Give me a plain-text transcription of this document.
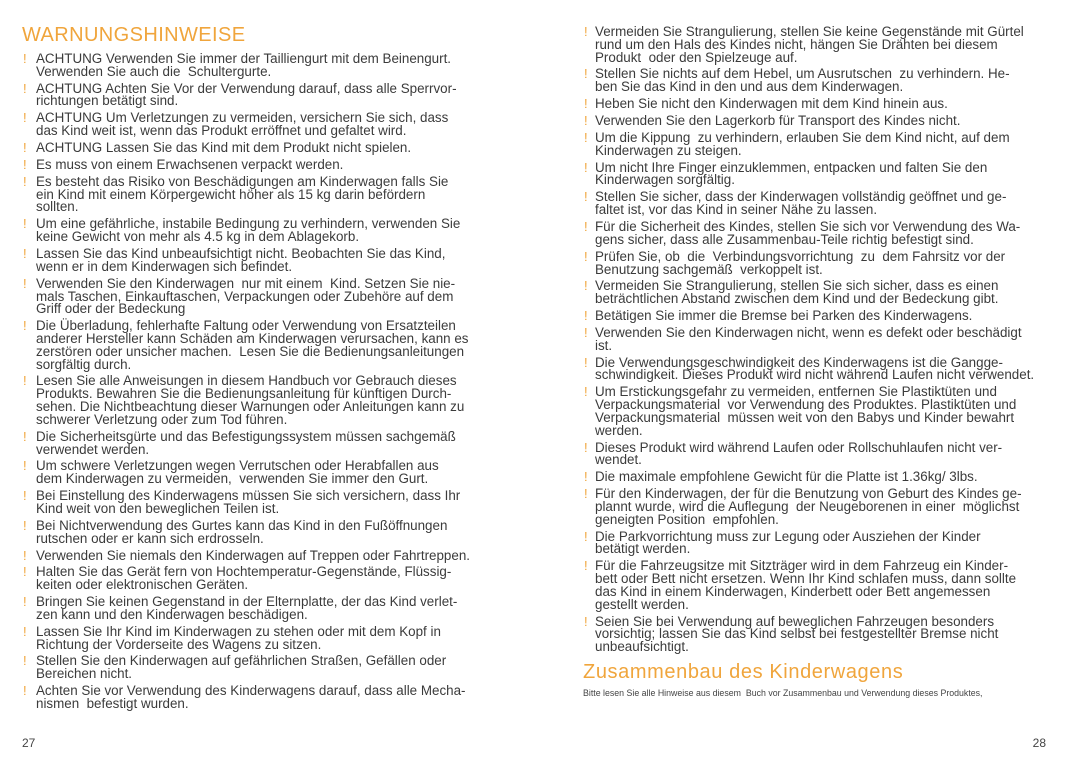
WARNUNGSHINWEISE
! ACHTUNG Verwenden Sie immer der Tailliengurt mit dem Beinengurt.
Verwenden Sie auch die  Schultergurte.
! ACHTUNG Achten Sie Vor der Verwendung darauf, dass alle Sperrvor-
richtungen betätigt sind.
! ACHTUNG Um Verletzungen zu vermeiden, versichern Sie sich, dass
das Kind weit ist, wenn das Produkt erröffnet und gefaltet wird.
! ACHTUNG Lassen Sie das Kind mit dem Produkt nicht spielen.
! Es muss von einem Erwachsenen verpackt werden.
! Es besteht das Risiko von Beschädigungen am Kinderwagen falls Sie
ein Kind mit einem Körpergewicht höher als 15 kg darin befördern
sollten.
! Um eine gefährliche, instabile Bedingung zu verhindern, verwenden Sie
keine Gewicht von mehr als 4.5 kg in dem Ablagekorb.
! Lassen Sie das Kind unbeaufsichtigt nicht. Beobachten Sie das Kind,
wenn er in dem Kinderwagen sich befindet.
! Verwenden Sie den Kinderwagen  nur mit einem  Kind. Setzen Sie nie-
mals Taschen, Einkauftaschen, Verpackungen oder Zubehöre auf dem
Griff oder der Bedeckung
! Die Überladung, fehlerhafte Faltung oder Verwendung von Ersatzteilen
anderer Hersteller kann Schäden am Kinderwagen verursachen, kann es
zerstören oder unsicher machen.  Lesen Sie die Bedienungsanleitungen
sorgfältig durch.
! Lesen Sie alle Anweisungen in diesem Handbuch vor Gebrauch dieses
Produkts. Bewahren Sie die Bedienungsanleitung für künftigen Durch-
sehen. Die Nichtbeachtung dieser Warnungen oder Anleitungen kann zu
schwerer Verletzung oder zum Tod führen.
! Die Sicherheitsgürte und das Befestigungssystem müssen sachgemäß
verwendet werden.
! Um schwere Verletzungen wegen Verrutschen oder Herabfallen aus
dem Kinderwagen zu vermeiden,  verwenden Sie immer den Gurt.
! Bei Einstellung des Kinderwagens müssen Sie sich versichern, dass Ihr
Kind weit von den beweglichen Teilen ist.
! Bei Nichtverwendung des Gurtes kann das Kind in den Fußöffnungen
rutschen oder er kann sich erdrosseln.
! Verwenden Sie niemals den Kinderwagen auf Treppen oder Fahrtreppen.
! Halten Sie das Gerät fern von Hochtemperatur-Gegenstände, Flüssig-
keiten oder elektronischen Geräten.
! Bringen Sie keinen Gegenstand in der Elternplatte, der das Kind verlet-
zen kann und den Kinderwagen beschädigen.
! Lassen Sie Ihr Kind im Kinderwagen zu stehen oder mit dem Kopf in
Richtung der Vorderseite des Wagens zu sitzen.
! Stellen Sie den Kinderwagen auf gefährlichen Straßen, Gefällen oder
Bereichen nicht.
! Achten Sie vor Verwendung des Kinderwagens darauf, dass alle Mecha-
nismen  befestigt wurden.
27
! Vermeiden Sie Strangulierung, stellen Sie keine Gegenstände mit Gürtel
rund um den Hals des Kindes nicht, hängen Sie Drähten bei diesem
Produkt  oder den Spielzeuge auf.
! Stellen Sie nichts auf dem Hebel, um Ausrutschen  zu verhindern. He-
ben Sie das Kind in den und aus dem Kinderwagen.
! Heben Sie nicht den Kinderwagen mit dem Kind hinein aus.
! Verwenden Sie den Lagerkorb für Transport des Kindes nicht.
! Um die Kippung  zu verhindern, erlauben Sie dem Kind nicht, auf dem
Kinderwagen zu steigen.
! Um nicht Ihre Finger einzuklemmen, entpacken und falten Sie den
Kinderwagen sorgfältig.
! Stellen Sie sicher, dass der Kinderwagen vollständig geöffnet und ge-
faltet ist, vor das Kind in seiner Nähe zu lassen.
! Für die Sicherheit des Kindes, stellen Sie sich vor Verwendung des Wa-
gens sicher, dass alle Zusammenbau-Teile richtig befestigt sind.
! Prüfen Sie, ob  die  Verbindungsvorrichtung  zu  dem Fahrsitz vor der
Benutzung sachgemäß  verkoppelt ist.
! Vermeiden Sie Strangulierung, stellen Sie sich sicher, dass es einen
beträchtlichen Abstand zwischen dem Kind und der Bedeckung gibt.
! Betätigen Sie immer die Bremse bei Parken des Kinderwagens.
! Verwenden Sie den Kinderwagen nicht, wenn es defekt oder beschädigt
ist.
! Die Verwendungsgeschwindigkeit des Kinderwagens ist die Gangge-
schwindigkeit. Dieses Produkt wird nicht während Laufen nicht verwendet.
! Um Erstickungsgefahr zu vermeiden, entfernen Sie Plastiktüten und
Verpackungsmaterial  vor Verwendung des Produktes. Plastiktüten und
Verpackungsmaterial  müssen weit von den Babys und Kinder bewahrt
werden.
! Dieses Produkt wird während Laufen oder Rollschuhlaufen nicht ver-
wendet.
! Die maximale empfohlene Gewicht für die Platte ist 1.36kg/ 3lbs.
! Für den Kinderwagen, der für die Benutzung von Geburt des Kindes ge-
plannt wurde, wird die Auflegung  der Neugeborenen in einer  möglichst
geneigten Position  empfohlen.
! Die Parkvorrichtung muss zur Legung oder Ausziehen der Kinder
betätigt werden.
! Für die Fahrzeugsitze mit Sitzträger wird in dem Fahrzeug ein Kinder-
bett oder Bett nicht ersetzen. Wenn Ihr Kind schlafen muss, dann sollte
das Kind in einem Kinderwagen, Kinderbett oder Bett angemessen
gestellt werden.
! Seien Sie bei Verwendung auf beweglichen Fahrzeugen besonders
vorsichtig; lassen Sie das Kind selbst bei festgestellter Bremse nicht
unbeaufsichtigt.
Zusammenbau des Kinderwagens
Bitte lesen Sie alle Hinweise aus diesem  Buch vor Zusammenbau und Verwendung dieses Produktes,
28
